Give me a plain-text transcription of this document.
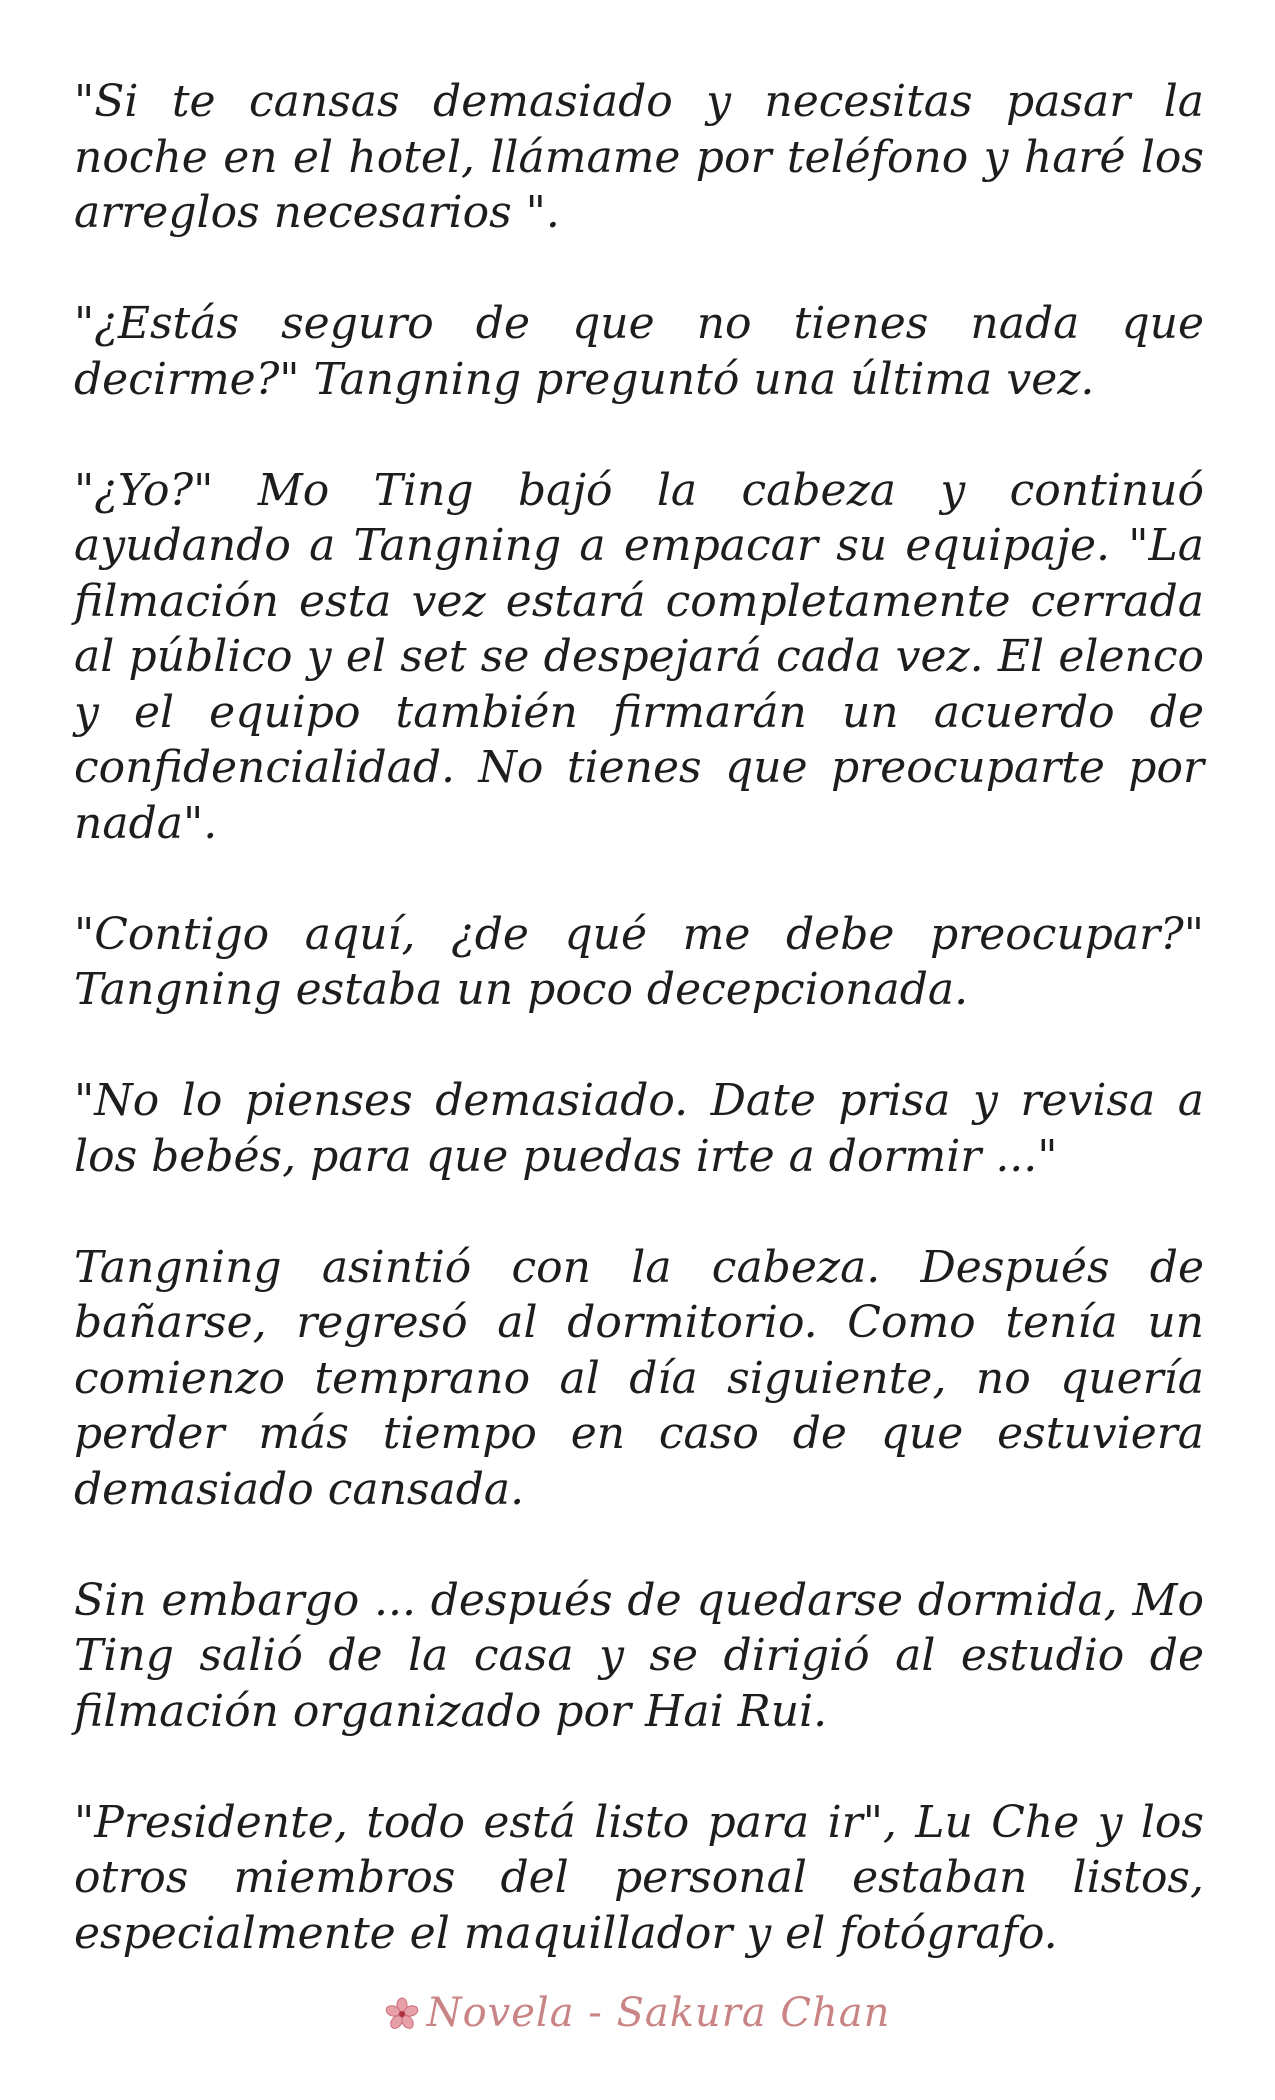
"Si te cansas demasiado y necesitas pasar la noche en el hotel, llámame por teléfono y haré los arreglos necesarios ".

"¿Estás seguro de que no tienes nada que decirme?" Tangning preguntó una última vez.

"¿Yo?" Mo Ting bajó la cabeza y continuó ayudando a Tangning a empacar su equipaje. "La filmación esta vez estará completamente cerrada al público y el set se despejará cada vez. El elenco y el equipo también firmarán un acuerdo de confidencialidad. No tienes que preocuparte por nada".

"Contigo aquí, ¿de qué me debe preocupar?" Tangning estaba un poco decepcionada.

"No lo pienses demasiado. Date prisa y revisa a los bebés, para que puedas irte a dormir ..."

Tangning asintió con la cabeza. Después de bañarse, regresó al dormitorio. Como tenía un comienzo temprano al día siguiente, no quería perder más tiempo en caso de que estuviera demasiado cansada.

Sin embargo ... después de quedarse dormida, Mo Ting salió de la casa y se dirigió al estudio de filmación organizado por Hai Rui.

"Presidente, todo está listo para ir", Lu Che y los otros miembros del personal estaban listos, especialmente el maquillador y el fotógrafo.

Novela - Sakura Chan
